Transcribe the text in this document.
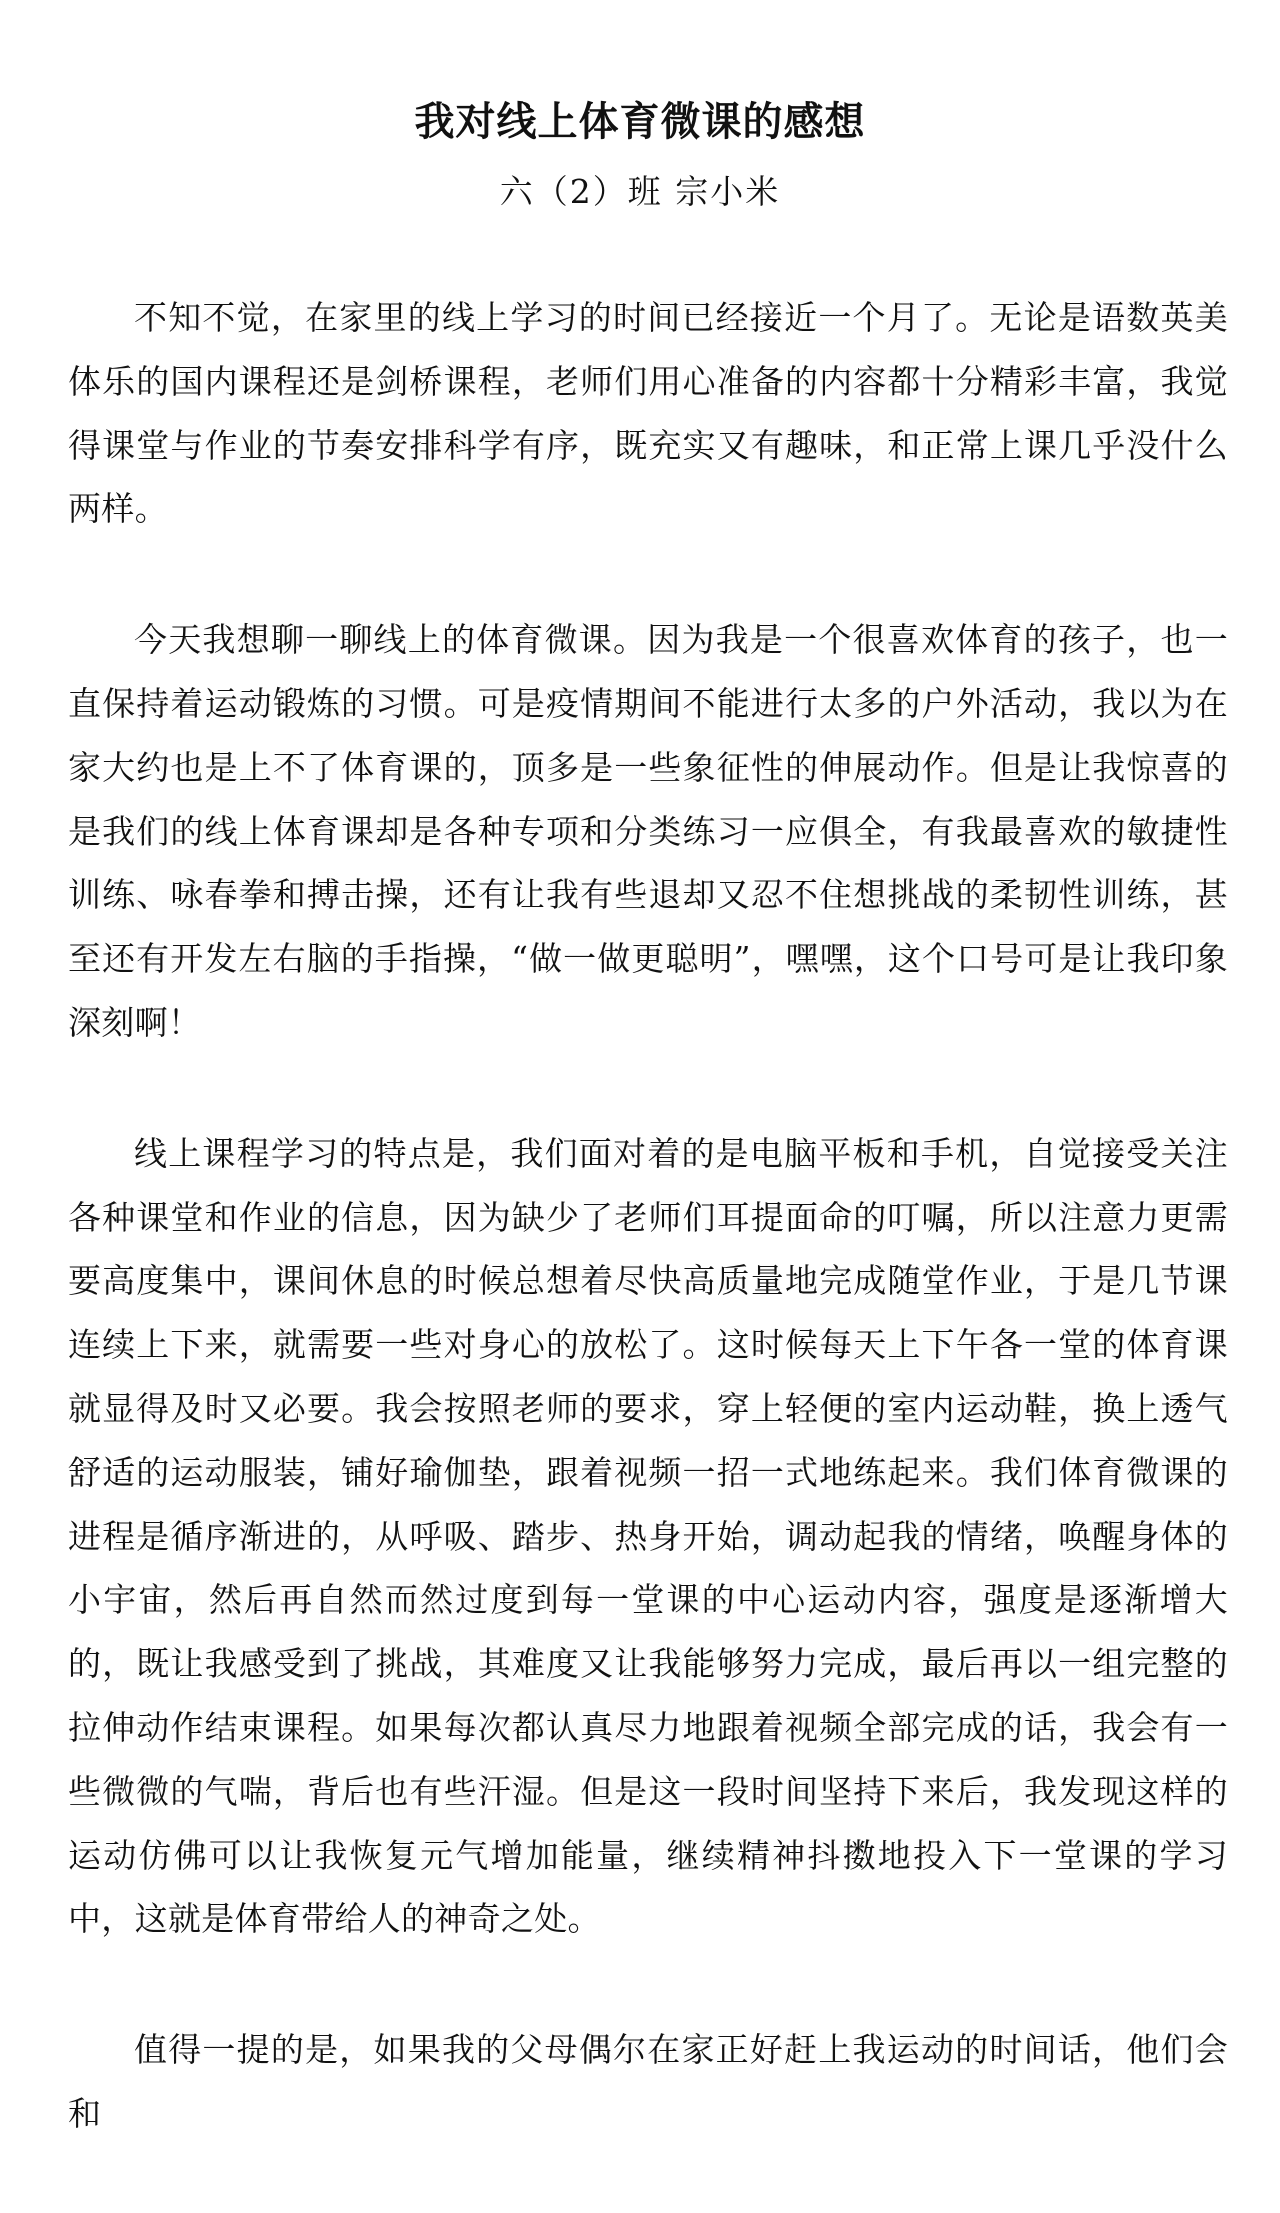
我对线上体育微课的感想
六（2）班 宗小米

不知不觉，在家里的线上学习的时间已经接近一个月了。无论是语数英美体乐的国内课程还是剑桥课程，老师们用心准备的内容都十分精彩丰富，我觉得课堂与作业的节奏安排科学有序，既充实又有趣味，和正常上课几乎没什么两样。

今天我想聊一聊线上的体育微课。因为我是一个很喜欢体育的孩子，也一直保持着运动锻炼的习惯。可是疫情期间不能进行太多的户外活动，我以为在家大约也是上不了体育课的，顶多是一些象征性的伸展动作。但是让我惊喜的是我们的线上体育课却是各种专项和分类练习一应俱全，有我最喜欢的敏捷性训练、咏春拳和搏击操，还有让我有些退却又忍不住想挑战的柔韧性训练，甚至还有开发左右脑的手指操，“做一做更聪明”，嘿嘿，这个口号可是让我印象深刻啊！

线上课程学习的特点是，我们面对着的是电脑平板和手机，自觉接受关注各种课堂和作业的信息，因为缺少了老师们耳提面命的叮嘱，所以注意力更需要高度集中，课间休息的时候总想着尽快高质量地完成随堂作业，于是几节课连续上下来，就需要一些对身心的放松了。这时候每天上下午各一堂的体育课就显得及时又必要。我会按照老师的要求，穿上轻便的室内运动鞋，换上透气舒适的运动服装，铺好瑜伽垫，跟着视频一招一式地练起来。我们体育微课的进程是循序渐进的，从呼吸、踏步、热身开始，调动起我的情绪，唤醒身体的小宇宙，然后再自然而然过度到每一堂课的中心运动内容，强度是逐渐增大的，既让我感受到了挑战，其难度又让我能够努力完成，最后再以一组完整的拉伸动作结束课程。如果每次都认真尽力地跟着视频全部完成的话，我会有一些微微的气喘，背后也有些汗湿。但是这一段时间坚持下来后，我发现这样的运动仿佛可以让我恢复元气增加能量，继续精神抖擞地投入下一堂课的学习中，这就是体育带给人的神奇之处。

值得一提的是，如果我的父母偶尔在家正好赶上我运动的时间话，他们会和
